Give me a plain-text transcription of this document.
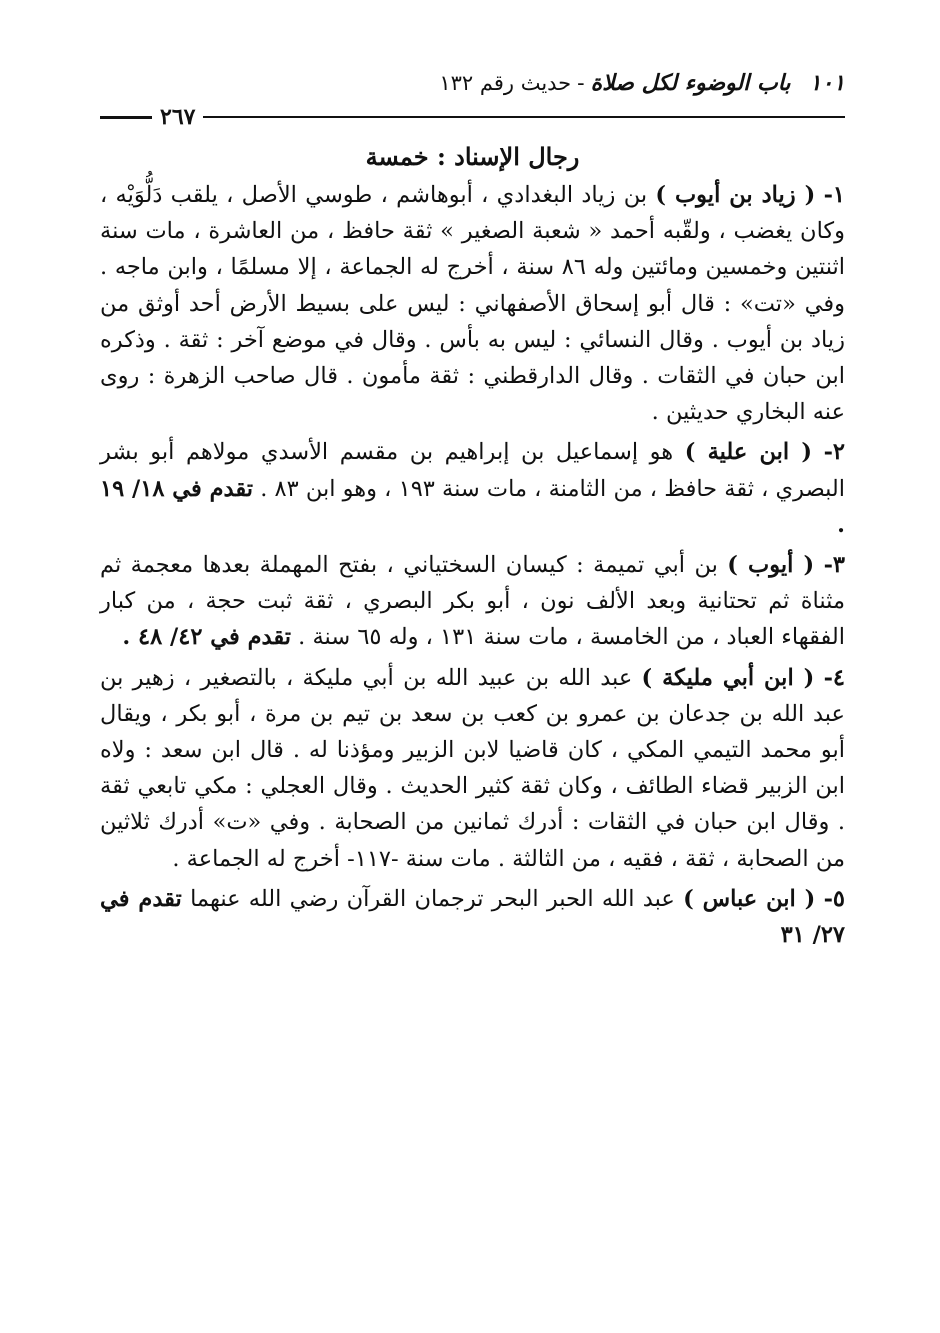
١٠١

باب الوضوء لكل صلاة
-
حديث رقم ١٣٢
٢٦٧
رجال الإسناد : خمسة

١- ( زياد بن أيوب ) بن زياد البغدادي ، أبوهاشم ، طوسي الأصل ، يلقب دَلُّوَيْه ، وكان يغضب ، ولقّبه أحمد « شعبة الصغير » ثقة حافظ ، من العاشرة ، مات سنة اثنتين وخمسين ومائتين وله ٨٦ سنة ، أخرج له الجماعة ، إلا مسلمًا ، وابن ماجه . وفي «تت» : قال أبو إسحاق الأصفهاني : ليس على بسيط الأرض أحد أوثق من زياد بن أيوب . وقال النسائي : ليس به بأس . وقال في موضع آخر : ثقة . وذكره ابن حبان في الثقات . وقال الدارقطني : ثقة مأمون . قال صاحب الزهرة : روى عنه البخاري حديثين .

٢- ( ابن علية ) هو إسماعيل بن إبراهيم بن مقسم الأسدي مولاهم أبو بشر البصري ، ثقة حافظ ، من الثامنة ، مات سنة ١٩٣ ، وهو ابن ٨٣ . تقدم في ١٨/ ١٩ .

٣- ( أيوب ) بن أبي تميمة : كيسان السختياني ، بفتح المهملة بعدها معجمة ثم مثناة ثم تحتانية وبعد الألف نون ، أبو بكر البصري ، ثقة ثبت حجة ، من كبار الفقهاء العباد ، من الخامسة ، مات سنة ١٣١ ، وله ٦٥ سنة . تقدم في ٤٢/ ٤٨ .

٤- ( ابن أبي مليكة ) عبد الله بن عبيد الله بن أبي مليكة ، بالتصغير ، زهير بن عبد الله بن جدعان بن عمرو بن كعب بن سعد بن تيم بن مرة ، أبو بكر ، ويقال أبو محمد التيمي المكي ، كان قاضيا لابن الزبير ومؤذنا له . قال ابن سعد : ولاه ابن الزبير قضاء الطائف ، وكان ثقة كثير الحديث . وقال العجلي : مكي تابعي ثقة . وقال ابن حبان في الثقات : أدرك ثمانين من الصحابة . وفي «ت» أدرك ثلاثين من الصحابة ، ثقة ، فقيه ، من الثالثة . مات سنة -١١٧- أخرج له الجماعة .

٥- ( ابن عباس ) عبد الله الحبر البحر ترجمان القرآن رضي الله عنهما تقدم في ٢٧/ ٣١
